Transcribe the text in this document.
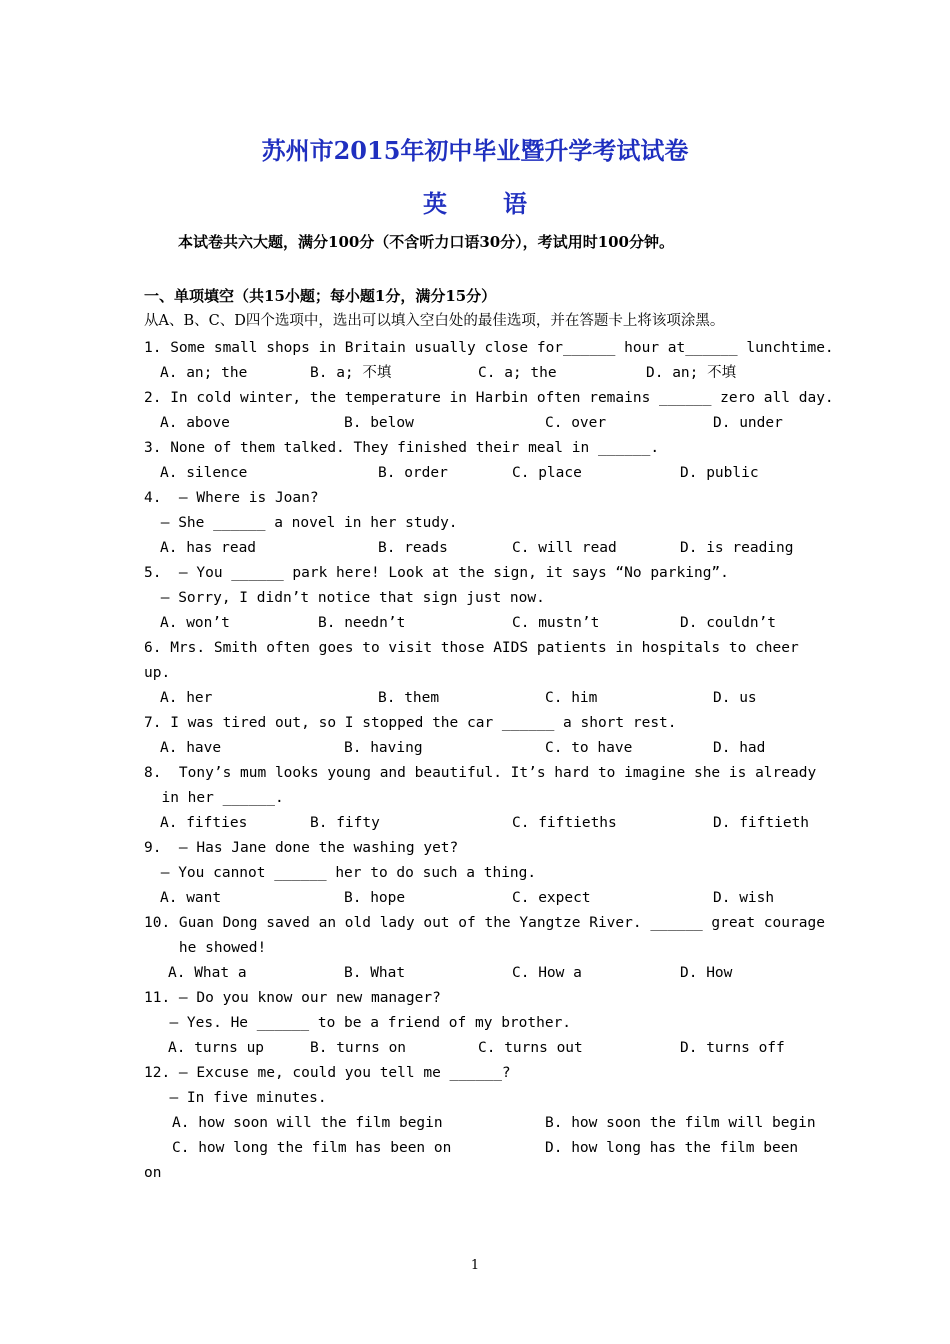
苏州市2015年初中毕业暨升学考试试卷
英语
本试卷共六大题，满分100分（不含听力口语30分），考试用时100分钟。
一、单项填空（共15小题；每小题1分，满分15分）
从A、B、C、D四个选项中，选出可以填入空白处的最佳选项，并在答题卡上将该项涂黑。
1. Some small shops in Britain usually close for______ hour at______ lunchtime.
A. an; the	B. a; 不填	C. a; the	D. an; 不填
2. In cold winter, the temperature in Harbin often remains ______ zero all day.
A. above	B. below	C. over	D. under
3. None of them talked. They finished their meal in ______.
A. silence	B. order	C. place	D. public
4.  — Where is Joan?
— She ______ a novel in her study.
A. has read	B. reads	C. will read	D. is reading
5.  — You ______ park here! Look at the sign, it says “No parking”.
— Sorry, I didn’t notice that sign just now.
A. won’t	B. needn’t	C. mustn’t	D. couldn’t
6. Mrs. Smith often goes to visit those AIDS patients in hospitals to cheer
up.
A. her	B. them	C. him	D. us
7. I was tired out, so I stopped the car ______ a short rest.
A. have	B. having	C. to have	D. had
8.  Tony’s mum looks young and beautiful. It’s hard to imagine she is already
in her ______.
A. fifties	B. fifty	C. fiftieths	D. fiftieth
9.  — Has Jane done the washing yet?
— You cannot ______ her to do such a thing.
A. want	B. hope	C. expect	D. wish
10. Guan Dong saved an old lady out of the Yangtze River. ______ great courage
he showed!
A. What a	B. What	C. How a	D. How
11. — Do you know our new manager?
— Yes. He ______ to be a friend of my brother.
A. turns up	B. turns on	C. turns out	D. turns off
12. — Excuse me, could you tell me ______?
— In five minutes.
A. how soon will the film begin	B. how soon the film will begin
C. how long the film has been on	D. how long has the film been
on
1
